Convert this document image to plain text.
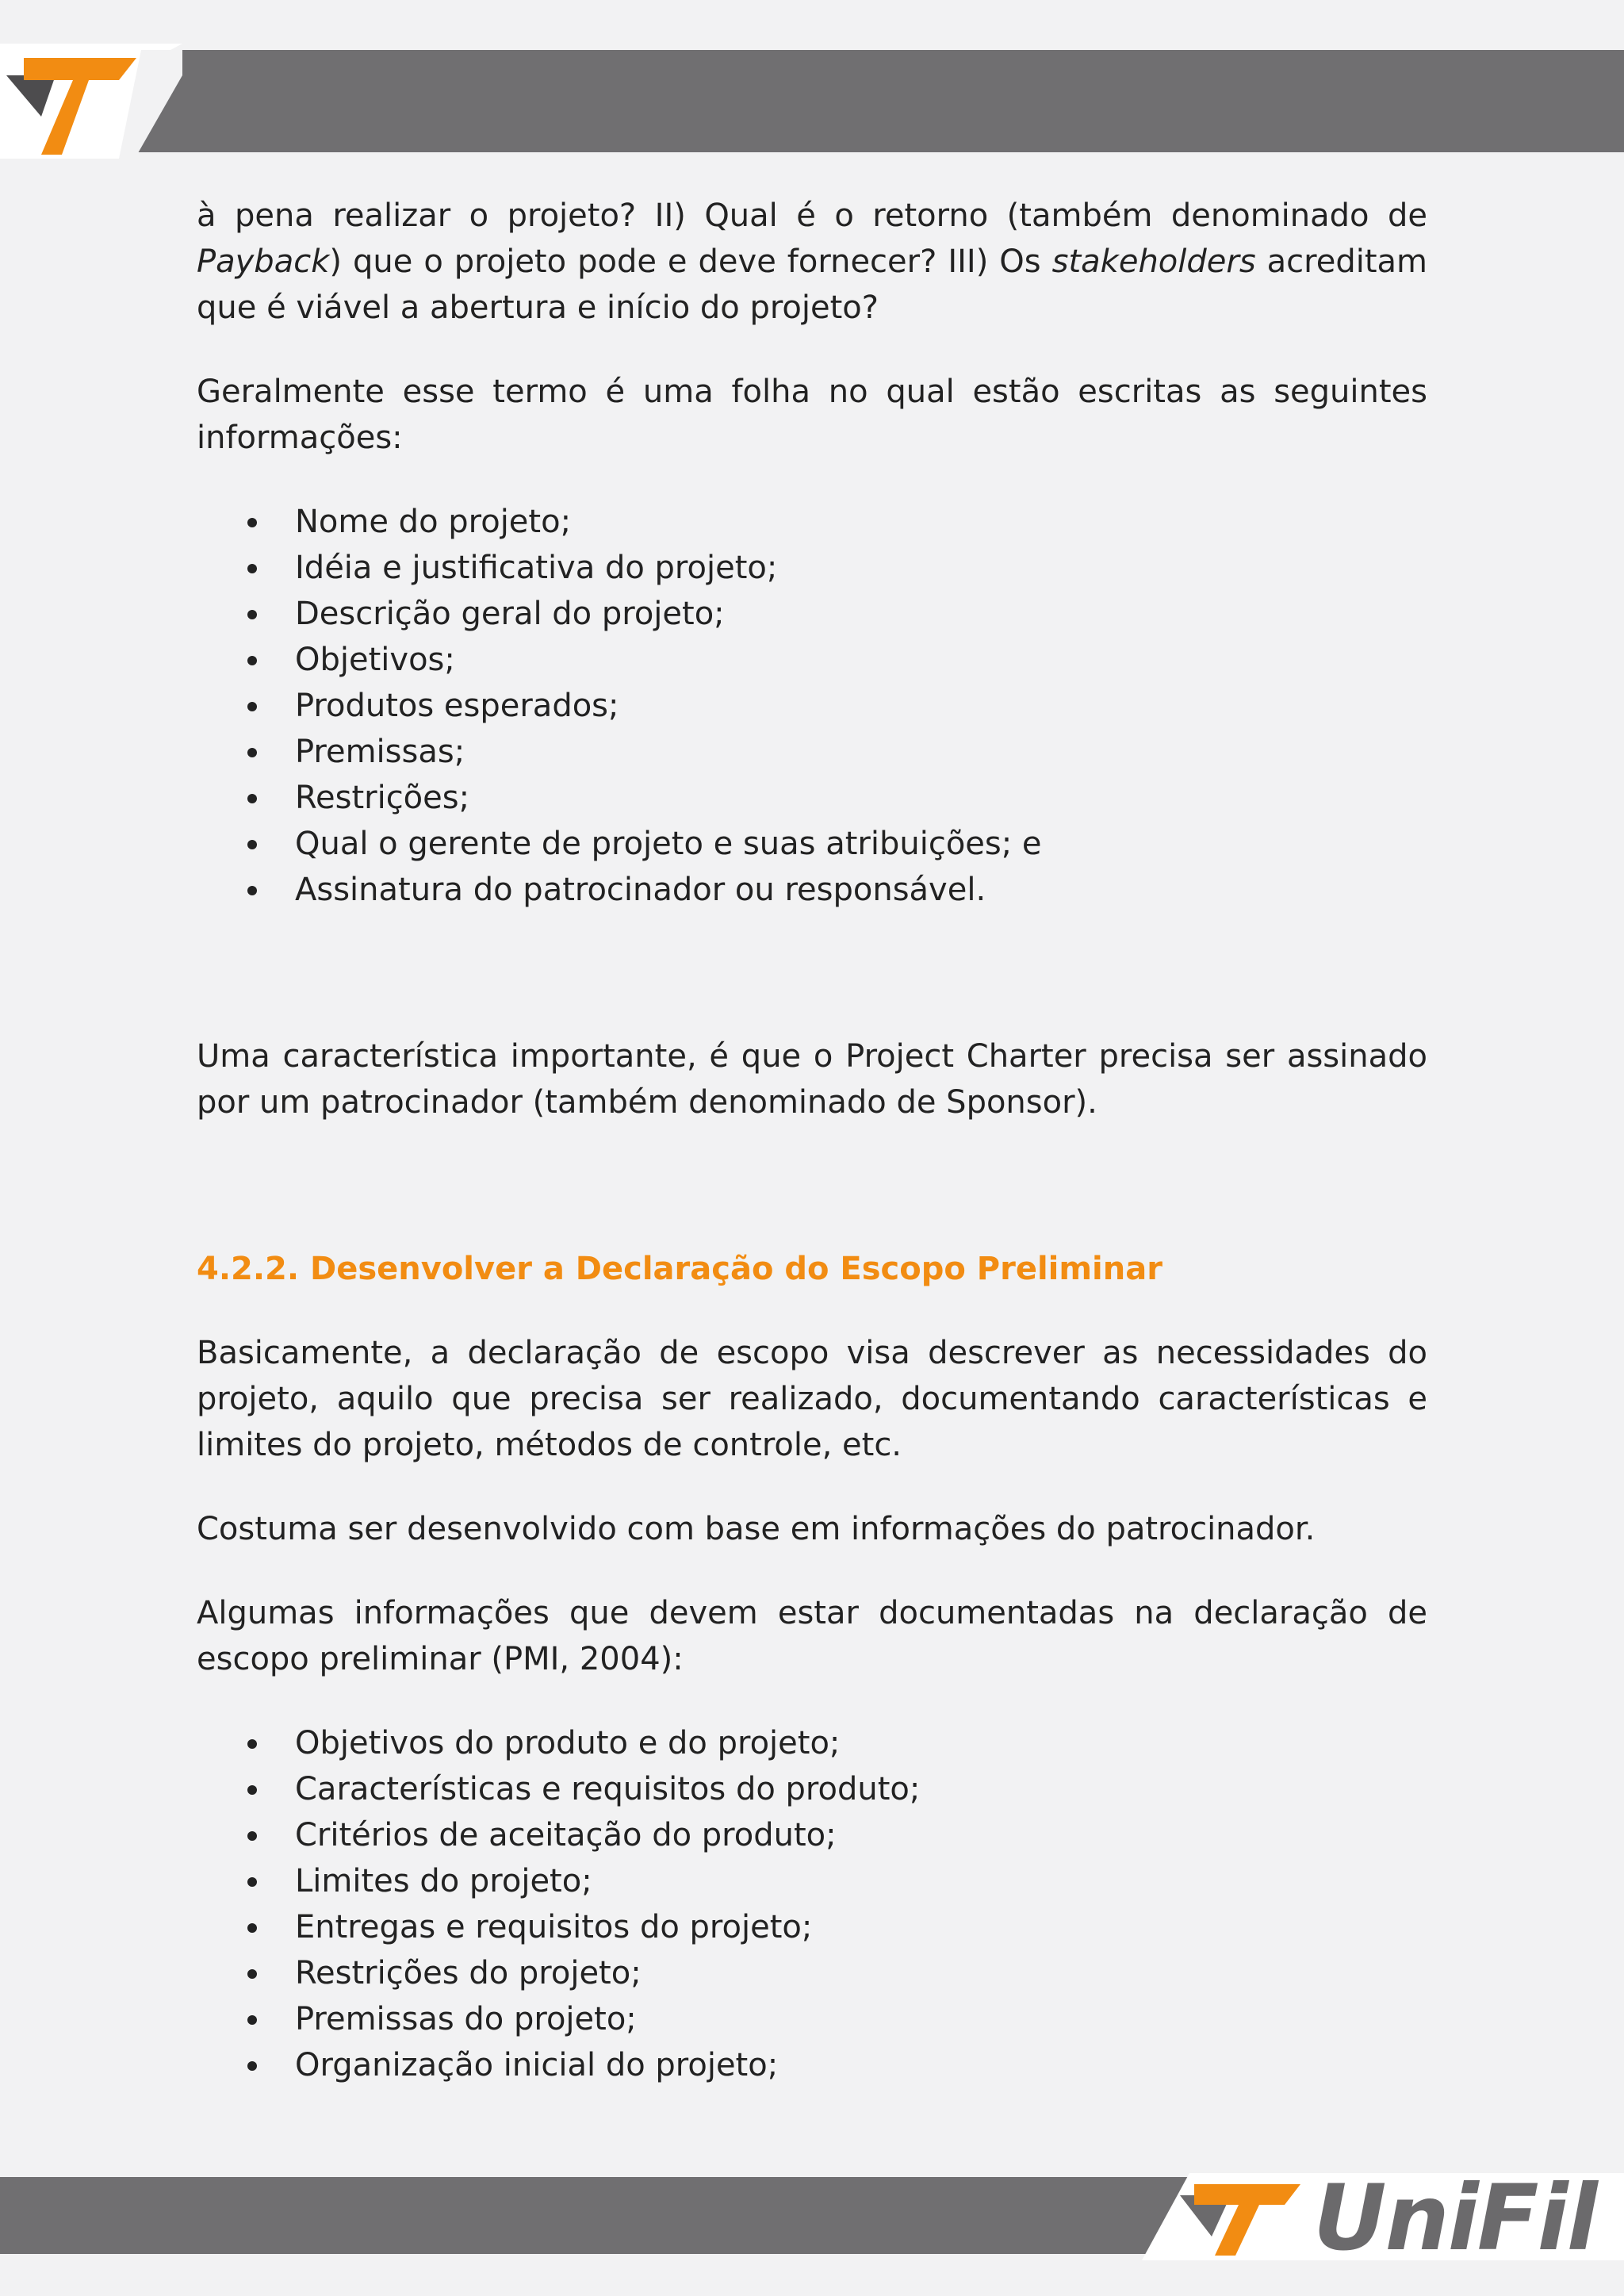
à pena realizar o projeto? II) Qual é o retorno (também denominado de Payback) que o projeto pode e deve fornecer? III) Os stakeholders acreditam que é viável a abertura e início do projeto?

Geralmente esse termo é uma folha no qual estão escritas as seguintes informações:

Nome do projeto;
Idéia e justificativa do projeto;
Descrição geral do projeto;
Objetivos;
Produtos esperados;
Premissas;
Restrições;
Qual o gerente de projeto e suas atribuições; e
Assinatura do patrocinador ou responsável.

Uma característica importante, é que o Project Charter precisa ser assinado por um patrocinador (também denominado de Sponsor).

4.2.2. Desenvolver a Declaração do Escopo Preliminar

Basicamente, a declaração de escopo visa descrever as necessidades do projeto, aquilo que precisa ser realizado, documentando características e limites do projeto, métodos de controle, etc.

Costuma ser desenvolvido com base em informações do patrocinador.

Algumas informações que devem estar documentadas na declaração de escopo preliminar (PMI, 2004):

Objetivos do produto e do projeto;
Características e requisitos do produto;
Critérios de aceitação do produto;
Limites do projeto;
Entregas e requisitos do projeto;
Restrições do projeto;
Premissas do projeto;
Organização inicial do projeto;
UniFil
